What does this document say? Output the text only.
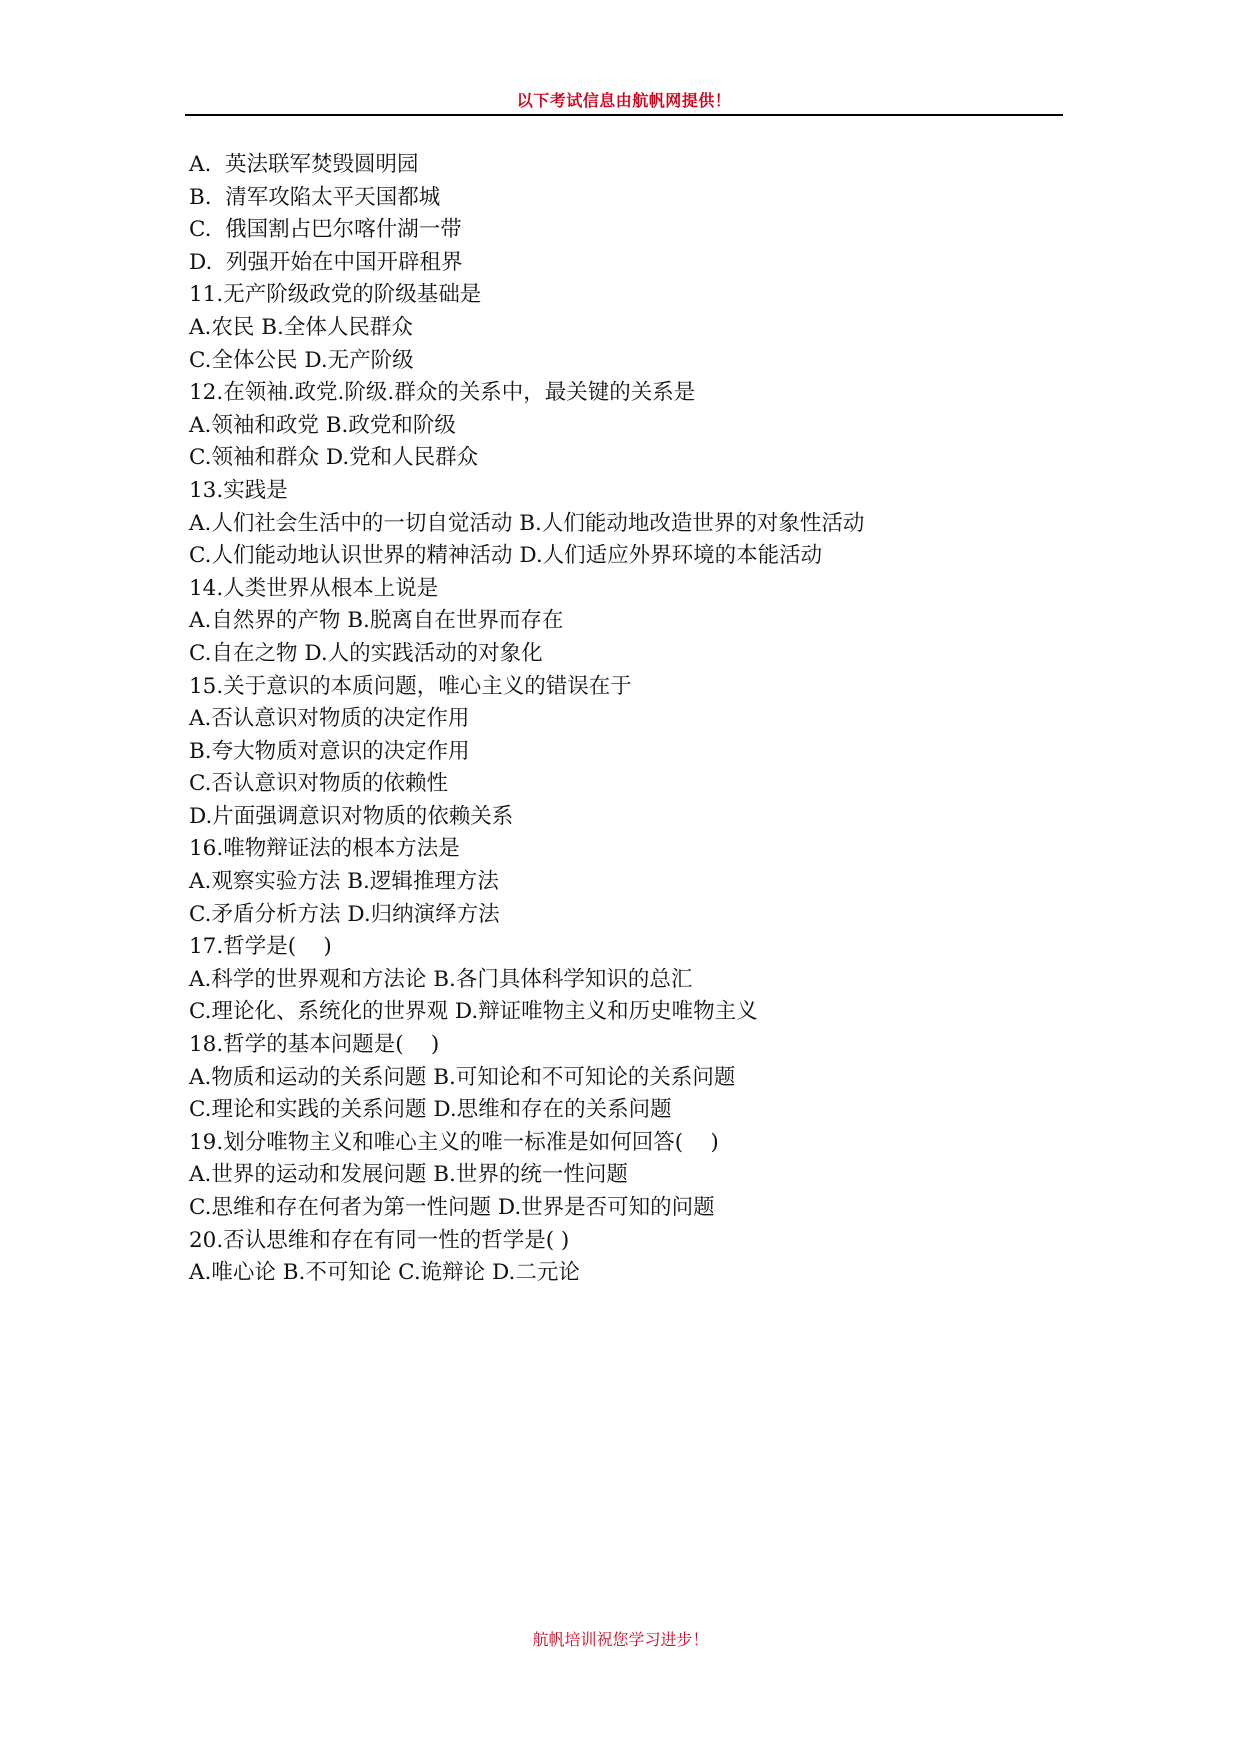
以下考试信息由航帆网提供！
A.  英法联军焚毁圆明园
B.  清军攻陷太平天国都城
C.  俄国割占巴尔喀什湖一带
D.  列强开始在中国开辟租界
11.无产阶级政党的阶级基础是
A.农民 B.全体人民群众
C.全体公民 D.无产阶级
12.在领袖.政党.阶级.群众的关系中，最关键的关系是
A.领袖和政党 B.政党和阶级
C.领袖和群众 D.党和人民群众
13.实践是
A.人们社会生活中的一切自觉活动 B.人们能动地改造世界的对象性活动
C.人们能动地认识世界的精神活动 D.人们适应外界环境的本能活动
14.人类世界从根本上说是
A.自然界的产物 B.脱离自在世界而存在
C.自在之物 D.人的实践活动的对象化
15.关于意识的本质问题，唯心主义的错误在于
A.否认意识对物质的决定作用
B.夸大物质对意识的决定作用
C.否认意识对物质的依赖性
D.片面强调意识对物质的依赖关系
16.唯物辩证法的根本方法是
A.观察实验方法 B.逻辑推理方法
C.矛盾分析方法 D.归纳演绎方法
17.哲学是(    )
A.科学的世界观和方法论 B.各门具体科学知识的总汇
C.理论化、系统化的世界观 D.辩证唯物主义和历史唯物主义
18.哲学的基本问题是(    )
A.物质和运动的关系问题 B.可知论和不可知论的关系问题
C.理论和实践的关系问题 D.思维和存在的关系问题
19.划分唯物主义和唯心主义的唯一标准是如何回答(    )
A.世界的运动和发展问题 B.世界的统一性问题
C.思维和存在何者为第一性问题 D.世界是否可知的问题
20.否认思维和存在有同一性的哲学是( )
A.唯心论 B.不可知论 C.诡辩论 D.二元论
航帆培训祝您学习进步！
